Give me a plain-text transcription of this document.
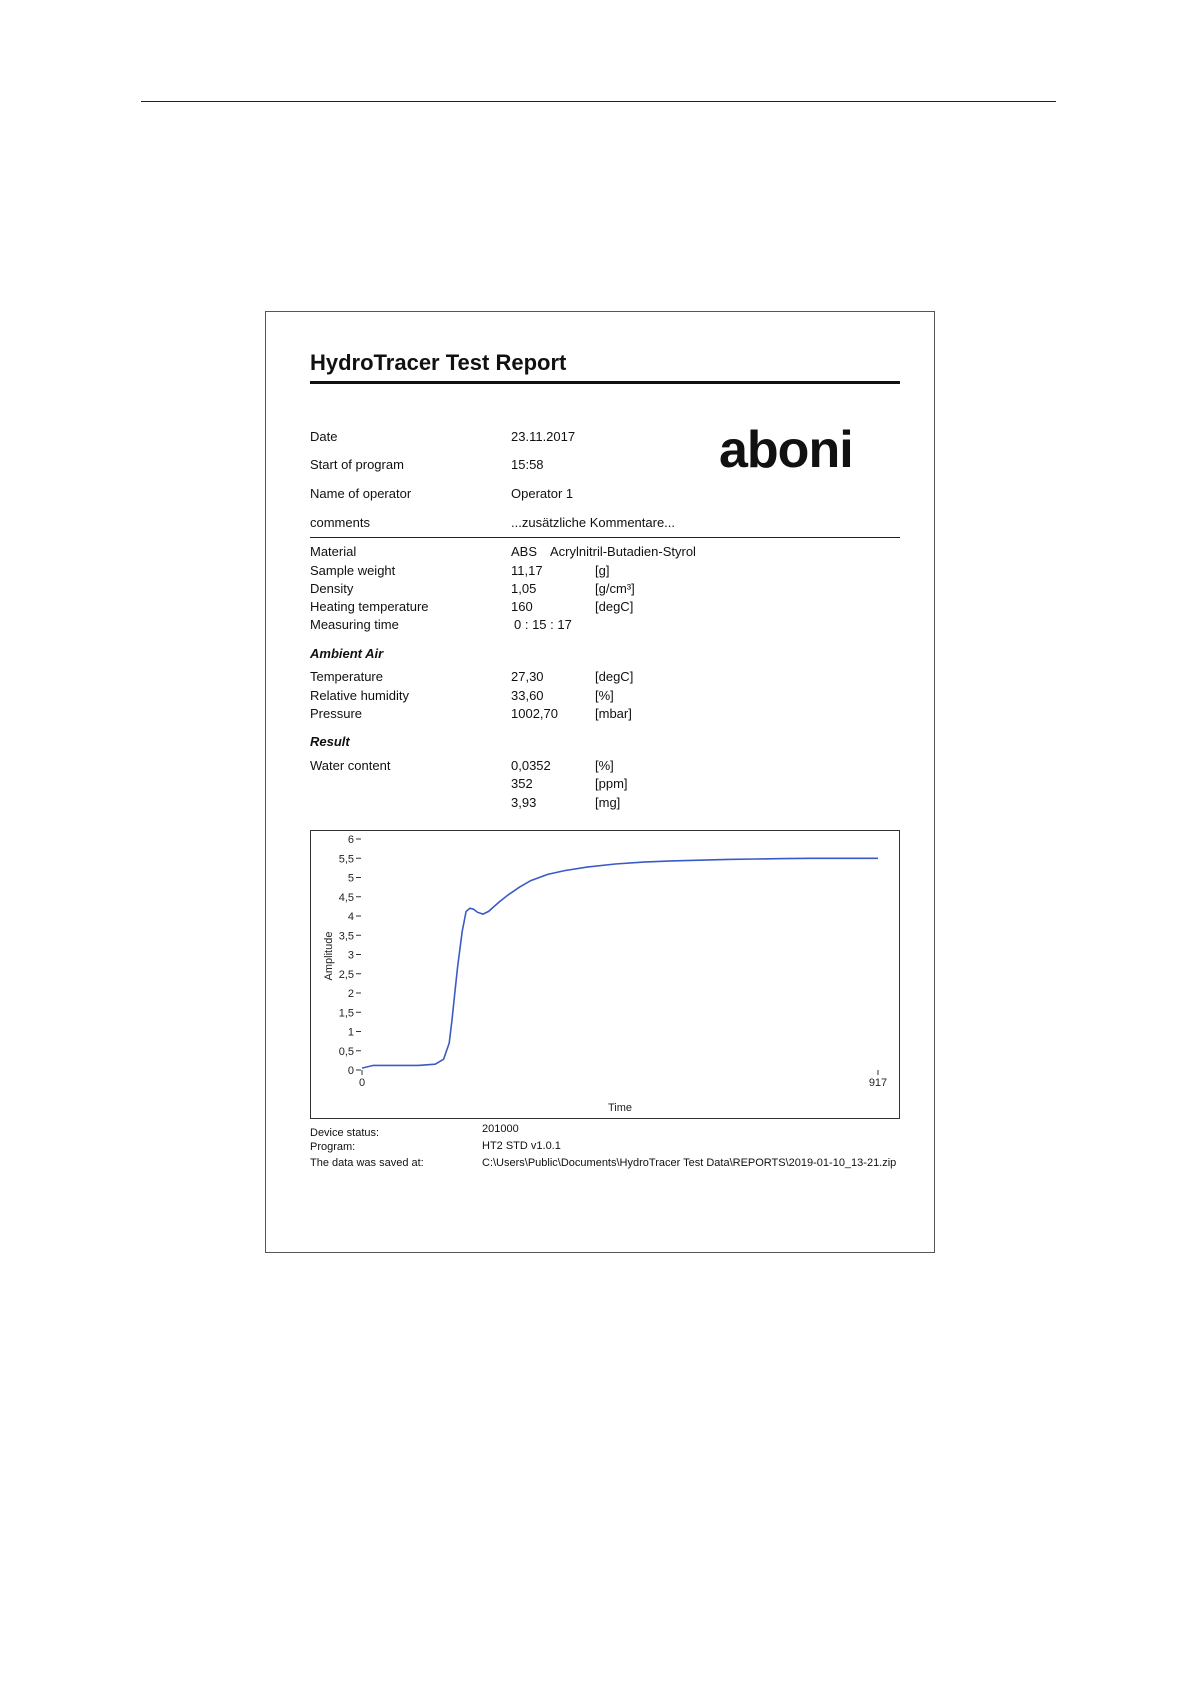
HydroTracer Test Report
aboni
Date	23.11.2017
Start of program	15:58
Name of operator	Operator 1
comments	...zusätzliche Kommentare...
Material	ABS Acrylnitril-Butadien-Styrol
Sample weight	11,17	[g]
Density	1,05	[g/cm³]
Heating temperature	160	[degC]
Measuring time	0 : 15 : 17
Ambient Air
Temperature	27,30	[degC]
Relative humidity	33,60	[%]
Pressure	1002,70	[mbar]
Result
Water content	0,0352	[%]
352	[ppm]
3,93	[mg]
0
0,5
1
1,5
2
2,5
3
3,5
4
4,5
5
5,5
6
0	917
Amplitude
Time
Device status:	201000
Program:	HT2 STD v1.0.1
The data was saved at:	C:\Users\Public\Documents\HydroTracer Test Data\REPORTS\2019-01-10_13-21.zip
